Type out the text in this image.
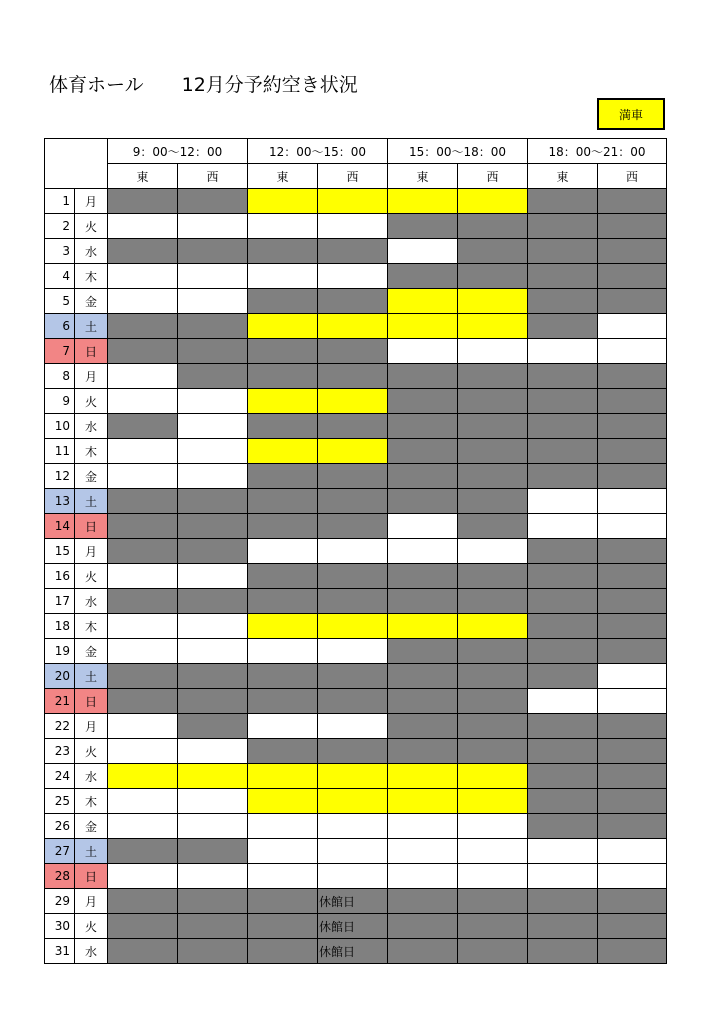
体育ホール　　12月分予約空き状況
満車
		9：00～12：00		12：00～15：00		15：00～18：00		18：00～21：00	
		東	西	東	西	東	西	東	西
1	月								
2	火								
3	水								
4	木								
5	金								
6	土								
7	日								
8	月								
9	火								
10	水								
11	木								
12	金								
13	土								
14	日								
15	月								
16	火								
17	水								
18	木								
19	金								
20	土								
21	日								
22	月								
23	火								
24	水								
25	木								
26	金								
27	土								
28	日								
29	月				休館日				
30	火				休館日				
31	水				休館日				
